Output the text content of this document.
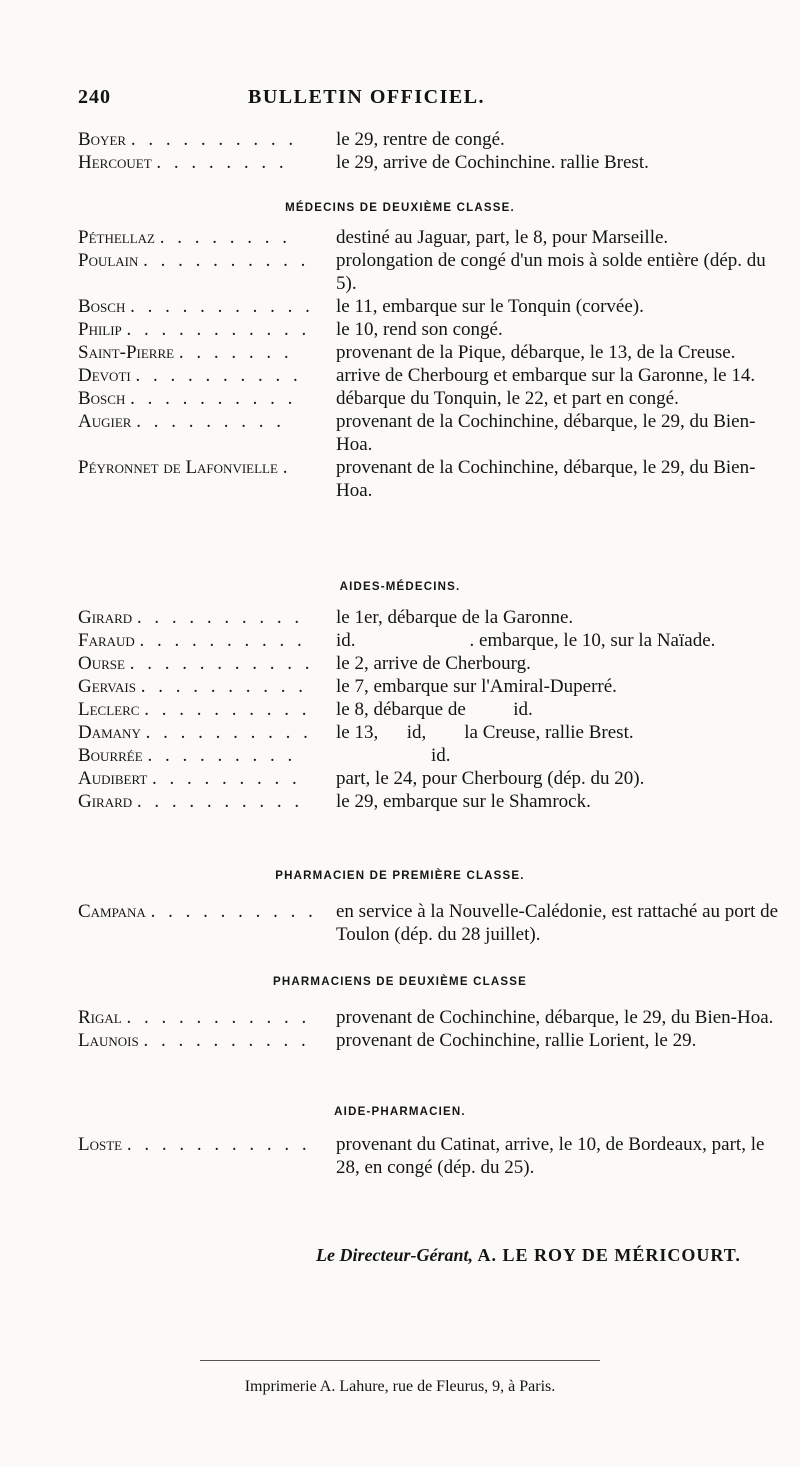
240	BULLETIN OFFICIEL.
Boyer . . . . . . . . . .	le 29, rentre de congé.
Hercouet . . . . . . . .	le 29, arrive de Cochinchine. rallie Brest.
MÉDECINS DE DEUXIÈME CLASSE.
Péthellaz . . . . . . . .	destiné au Jaguar, part, le 8, pour Marseille.
Poulain . . . . . . . . . .	prolongation de congé d'un mois à solde entière (dép. du 5).
Bosch . . . . . . . . . . .	le 11, embarque sur le Tonquin (corvée).
Philip . . . . . . . . . . .	le 10, rend son congé.
Saint-Pierre . . . . . . .	provenant de la Pique, débarque, le 13, de la Creuse.
Devoti . . . . . . . . . .	arrive de Cherbourg et embarque sur la Garonne, le 14.
Bosch . . . . . . . . . .	débarque du Tonquin, le 22, et part en congé.
Augier . . . . . . . . .	provenant de la Cochinchine, débarque, le 29, du Bien-Hoa.
Péyronnet de Lafonvielle .	provenant de la Cochinchine, débarque, le 29, du Bien-Hoa.
AIDES-MÉDECINS.
Girard . . . . . . . . . .	le 1er, débarque de la Garonne.
Faraud . . . . . . . . . .	id.                        . embarque, le 10, sur la Naïade.
Ourse . . . . . . . . . . .	le 2, arrive de Cherbourg.
Gervais . . . . . . . . . .	le 7, embarque sur l'Amiral-Duperré.
Leclerc . . . . . . . . . .	le 8, débarque de          id.
Damany . . . . . . . . . .	le 13,      id,        la Creuse, rallie Brest.
Bourrée . . . . . . . . .	id.
Audibert . . . . . . . . .	part, le 24, pour Cherbourg (dép. du 20).
Girard . . . . . . . . . .	le 29, embarque sur le Shamrock.
PHARMACIEN DE PREMIÈRE CLASSE.
Campana . . . . . . . . . .	en service à la Nouvelle-Calédonie, est rattaché au port de Toulon (dép. du 28 juillet).
PHARMACIENS DE DEUXIÈME CLASSE
Rigal . . . . . . . . . . .	provenant de Cochinchine, débarque, le 29, du Bien-Hoa.
Launois . . . . . . . . . .	provenant de Cochinchine, rallie Lorient, le 29.
AIDE-PHARMACIEN.
Loste . . . . . . . . . . .	provenant du Catinat, arrive, le 10, de Bordeaux, part, le 28, en congé (dép. du 25).
Le Directeur-Gérant, A. LE ROY DE MÉRICOURT.
Imprimerie A. Lahure, rue de Fleurus, 9, à Paris.
